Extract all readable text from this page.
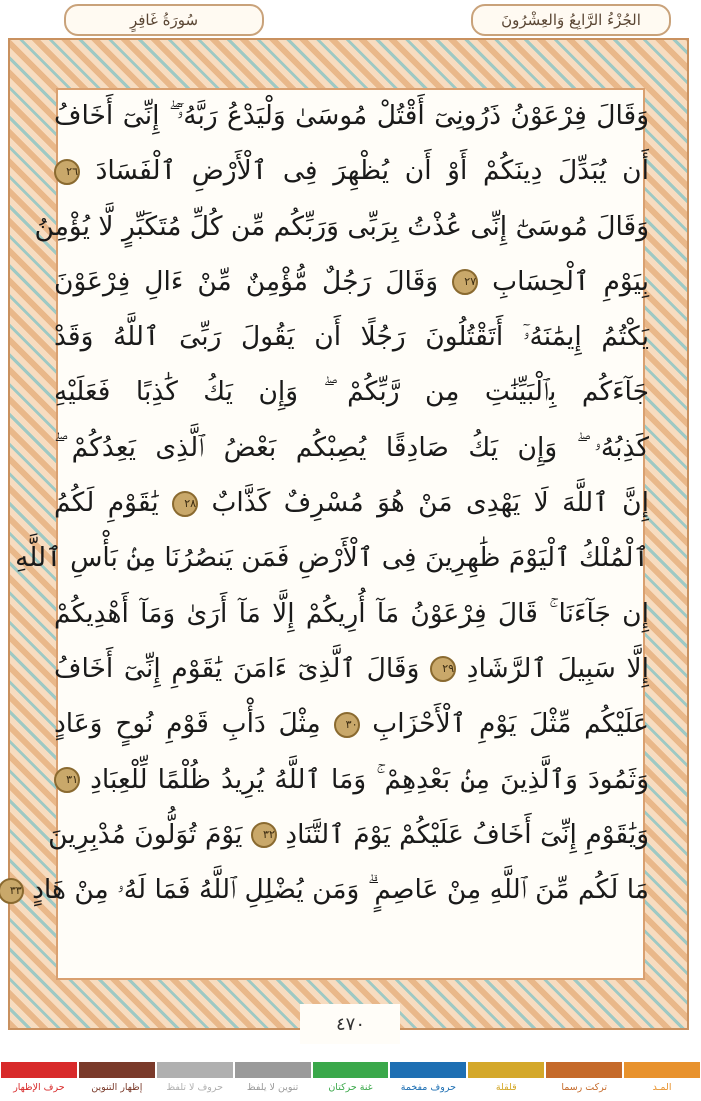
سُورَةُ غَافِرٍ	الجُزْءُ الرَّابِعُ وَالعِشْرُونَ
وَقَالَ فِرْعَوْنُ ذَرُونِىٓ أَقْتُلْ مُوسَىٰ وَلْيَدْعُ رَبَّهُۥٓ ۖ إِنِّىٓ أَخَافُ
أَن يُبَدِّلَ دِينَكُمْ أَوْ أَن يُظْهِرَ فِى ٱلْأَرْضِ ٱلْفَسَادَ ٢٦
وَقَالَ مُوسَىٰٓ إِنِّى عُذْتُ بِرَبِّى وَرَبِّكُم مِّن كُلِّ مُتَكَبِّرٍ لَّا يُؤْمِنُ
بِيَوْمِ ٱلْحِسَابِ ٢٧ وَقَالَ رَجُلٌ مُّؤْمِنٌ مِّنْ ءَالِ فِرْعَوْنَ
يَكْتُمُ إِيمَٰنَهُۥٓ أَتَقْتُلُونَ رَجُلًا أَن يَقُولَ رَبِّىَ ٱللَّهُ وَقَدْ
جَآءَكُم بِٱلْبَيِّنَٰتِ مِن رَّبِّكُمْ ۖ وَإِن يَكُ كَٰذِبًا فَعَلَيْهِ
كَذِبُهُۥ ۖ وَإِن يَكُ صَادِقًا يُصِبْكُم بَعْضُ ٱلَّذِى يَعِدُكُمْ ۖ
إِنَّ ٱللَّهَ لَا يَهْدِى مَنْ هُوَ مُسْرِفٌ كَذَّابٌ ٢٨ يَٰقَوْمِ لَكُمُ
ٱلْمُلْكُ ٱلْيَوْمَ ظَٰهِرِينَ فِى ٱلْأَرْضِ فَمَن يَنصُرُنَا مِنۢ بَأْسِ ٱللَّهِ
إِن جَآءَنَا ۚ قَالَ فِرْعَوْنُ مَآ أُرِيكُمْ إِلَّا مَآ أَرَىٰ وَمَآ أَهْدِيكُمْ
إِلَّا سَبِيلَ ٱلرَّشَادِ ٢٩ وَقَالَ ٱلَّذِىٓ ءَامَنَ يَٰقَوْمِ إِنِّىٓ أَخَافُ
عَلَيْكُم مِّثْلَ يَوْمِ ٱلْأَحْزَابِ ٣٠ مِثْلَ دَأْبِ قَوْمِ نُوحٍ وَعَادٍ
وَثَمُودَ وَٱلَّذِينَ مِنۢ بَعْدِهِمْ ۚ وَمَا ٱللَّهُ يُرِيدُ ظُلْمًا لِّلْعِبَادِ ٣١
وَيَٰقَوْمِ إِنِّىٓ أَخَافُ عَلَيْكُمْ يَوْمَ ٱلتَّنَادِ ٣٢ يَوْمَ تُوَلُّونَ مُدْبِرِينَ
مَا لَكُم مِّنَ ٱللَّهِ مِنْ عَاصِمٍ ۗ وَمَن يُضْلِلِ ٱللَّهُ فَمَا لَهُۥ مِنْ هَادٍ ٣٣
٤٧٠
المـد
تركت رسما
قلقلة
حروف مفخمة
غنة حركتان
تنوين لا يلفظ
حروف لا تلفظ
إظهار التنوين
حرف الإظهار
